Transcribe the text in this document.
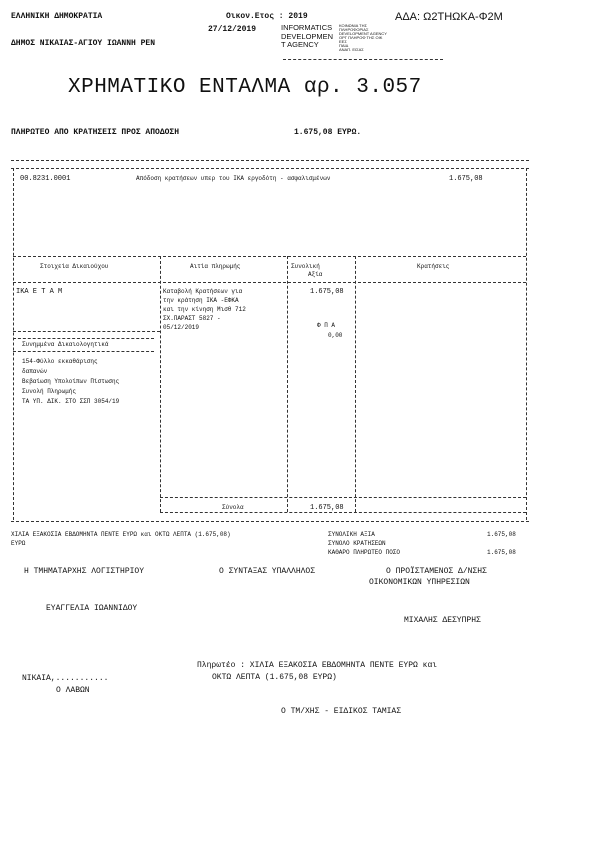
ΕΛΛΗΝΙΚΗ ΔΗΜΟΚΡΑΤΙΑ
ΔΗΜΟΣ ΝΙΚΑΙΑΣ-ΑΓΙΟΥ ΙΩΑΝΝΗ ΡΕΝ
Οικον.Ετος : 2019
27/12/2019
ΑΔΑ: Ω2ΤΗΩΚΑ-Φ2Μ
INFORMATICS
DEVELOPMEN
T AGENCY
ΚΟΙΝΩΝΙΑ ΤΗΣ
ΠΛΗΡΟΦΟΡΙΑΣ
DEVELOPMENT AGENCY
ΟΡΓ ΠΛΗΡΟΦ ΤΗΣ ΟΙΚ
ΕΕΣ
ΠΑΙΔ
ΑΝΑΠ. ΕΙΣΑΣ
ΧΡΗΜΑΤΙΚΟ ΕΝΤΑΛΜΑ αρ. 3.057
ΠΛΗΡΩΤΕΟ ΑΠΟ ΚΡΑΤΗΣΕΙΣ ΠΡΟΣ ΑΠΟΔΟΣΗ	1.675,08 ΕΥΡΩ.
00.8231.0001	Απόδοση κρατήσεων υπερ του ΙΚΑ εργοδότη - ασφαλισμένων	1.675,08
Στοιχεία Δικαιούχου	Αιτία πληρωμής	Συνολική
Αξία
Κρατήσεις
ΙΚΑ Ε Τ Α Μ	Καταβολή Κρατήσεων για
την κράτηση ΙΚΑ -ΕΦΚΑ
και την κίνηση Μισθ 712
ΣΧ.ΠΑΡΑΣΤ 5827 -
05/12/2019
1.675,08
Φ Π Α
0,00
Συνημμένα Δικαιολογητικά
154-Φύλλο εκκαθάρισης
δαπανών
Βεβαίωση Υπολοίπων Πίστωσης
Συνολή Πληρωμής
ΤΑ ΥΠ. ΔΙΚ. ΣΤΟ ΣΣΠ 3054/19
Σύνολα	1.675,08
ΧΙΛΙΑ ΕΞΑΚΟΣΙΑ ΕΒΔΟΜΗΝΤΑ ΠΕΝΤΕ ΕΥΡΩ και ΟΚΤΩ ΛΕΠΤΑ (1.675,08)
ΕΥΡΩ
ΣΥΝΟΛΙΚΗ ΑΞΙΑ	1.675,08
ΣΥΝΟΛΟ ΚΡΑΤΗΣΕΩΝ
ΚΑΘΑΡΟ ΠΛΗΡΩΤΕΟ ΠΟΣΟ	1.675,08
Η ΤΜΗΜΑΤΑΡΧΗΣ ΛΟΓΙΣΤΗΡΙΟΥ	Ο ΣΥΝΤΑΞΑΣ ΥΠΑΛΛΗΛΟΣ	Ο ΠΡΟΪΣΤΑΜΕΝΟΣ Δ/ΝΣΗΣ
ΟΙΚΟΝΟΜΙΚΩΝ ΥΠΗΡΕΣΙΩΝ
ΕΥΑΓΓΕΛΙΑ ΙΩΑΝΝΙΔΟΥ
ΜΙΧΑΛΗΣ ΔΕΣΥΠΡΗΣ
Πληρωτέο : ΧΙΛΙΑ ΕΞΑΚΟΣΙΑ ΕΒΔΟΜΗΝΤΑ ΠΕΝΤΕ ΕΥΡΩ και
ΟΚΤΩ ΛΕΠΤΑ (1.675,08 ΕΥΡΩ)
ΝΙΚΑΙΑ,...........
Ο ΛΑΒΩΝ
Ο ΤΜ/ΧΗΣ - ΕΙΔΙΚΟΣ ΤΑΜΙΑΣ
